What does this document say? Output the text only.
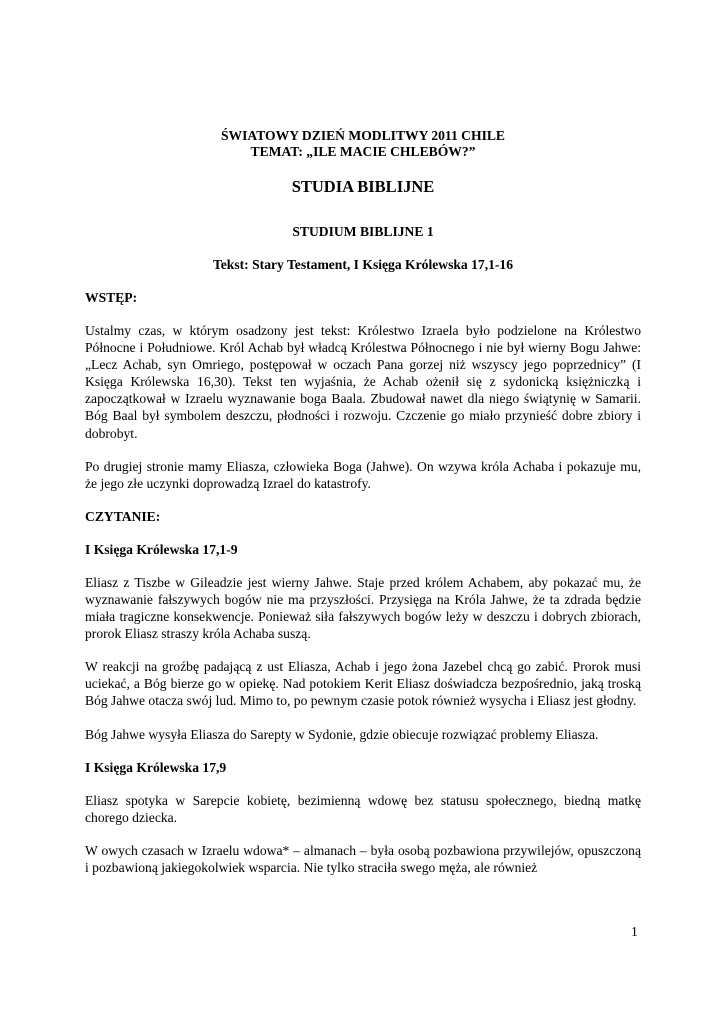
ŚWIATOWY DZIEŃ MODLITWY 2011 CHILE
TEMAT: „ILE MACIE CHLEBÓW?”
STUDIA BIBLIJNE
STUDIUM BIBLIJNE 1
Tekst: Stary Testament, I Księga Królewska 17,1-16
WSTĘP:

Ustalmy czas, w którym osadzony jest tekst: Królestwo Izraela było podzielone na Królestwo Północne i Południowe. Król Achab był władcą Królestwa Północnego i nie był wierny Bogu Jahwe: „Lecz Achab, syn Omriego, postępował w oczach Pana gorzej niż wszyscy jego poprzednicy” (I Księga Królewska 16,30). Tekst ten wyjaśnia, że Achab ożenił się z sydonicką księżniczką i zapoczątkował w Izraelu wyznawanie boga Baala. Zbudował nawet dla niego świątynię w Samarii. Bóg Baal był symbolem deszczu, płodności i rozwoju. Czczenie go miało przynieść dobre zbiory i dobrobyt.

Po drugiej stronie mamy Eliasza, człowieka Boga (Jahwe). On wzywa króla Achaba i pokazuje mu, że jego złe uczynki doprowadzą Izrael do katastrofy.

CZYTANIE:
I Księga Królewska 17,1-9

Eliasz z Tiszbe w Gileadzie jest wierny Jahwe. Staje przed królem Achabem, aby pokazać mu, że wyznawanie fałszywych bogów nie ma przyszłości. Przysięga na Króla Jahwe, że ta zdrada będzie miała tragiczne konsekwencje. Ponieważ siła fałszywych bogów leży w deszczu i dobrych zbiorach, prorok Eliasz straszy króla Achaba suszą.

W reakcji na groźbę padającą z ust Eliasza, Achab i jego żona Jazebel chcą go zabić. Prorok musi uciekać, a Bóg bierze go w opiekę. Nad potokiem Kerit Eliasz doświadcza bezpośrednio, jaką troską Bóg Jahwe otacza swój lud. Mimo to, po pewnym czasie potok również wysycha i Eliasz jest głodny.

Bóg Jahwe wysyła Eliasza do Sarepty w Sydonie, gdzie obiecuje rozwiązać problemy Eliasza.

I Księga Królewska 17,9

Eliasz spotyka w Sarepcie kobietę, bezimienną wdowę bez statusu społecznego, biedną matkę chorego dziecka.

W owych czasach w Izraelu wdowa* – almanach – była osobą pozbawiona przywilejów, opuszczoną i pozbawioną jakiegokolwiek wsparcia. Nie tylko straciła swego męża, ale również

1
